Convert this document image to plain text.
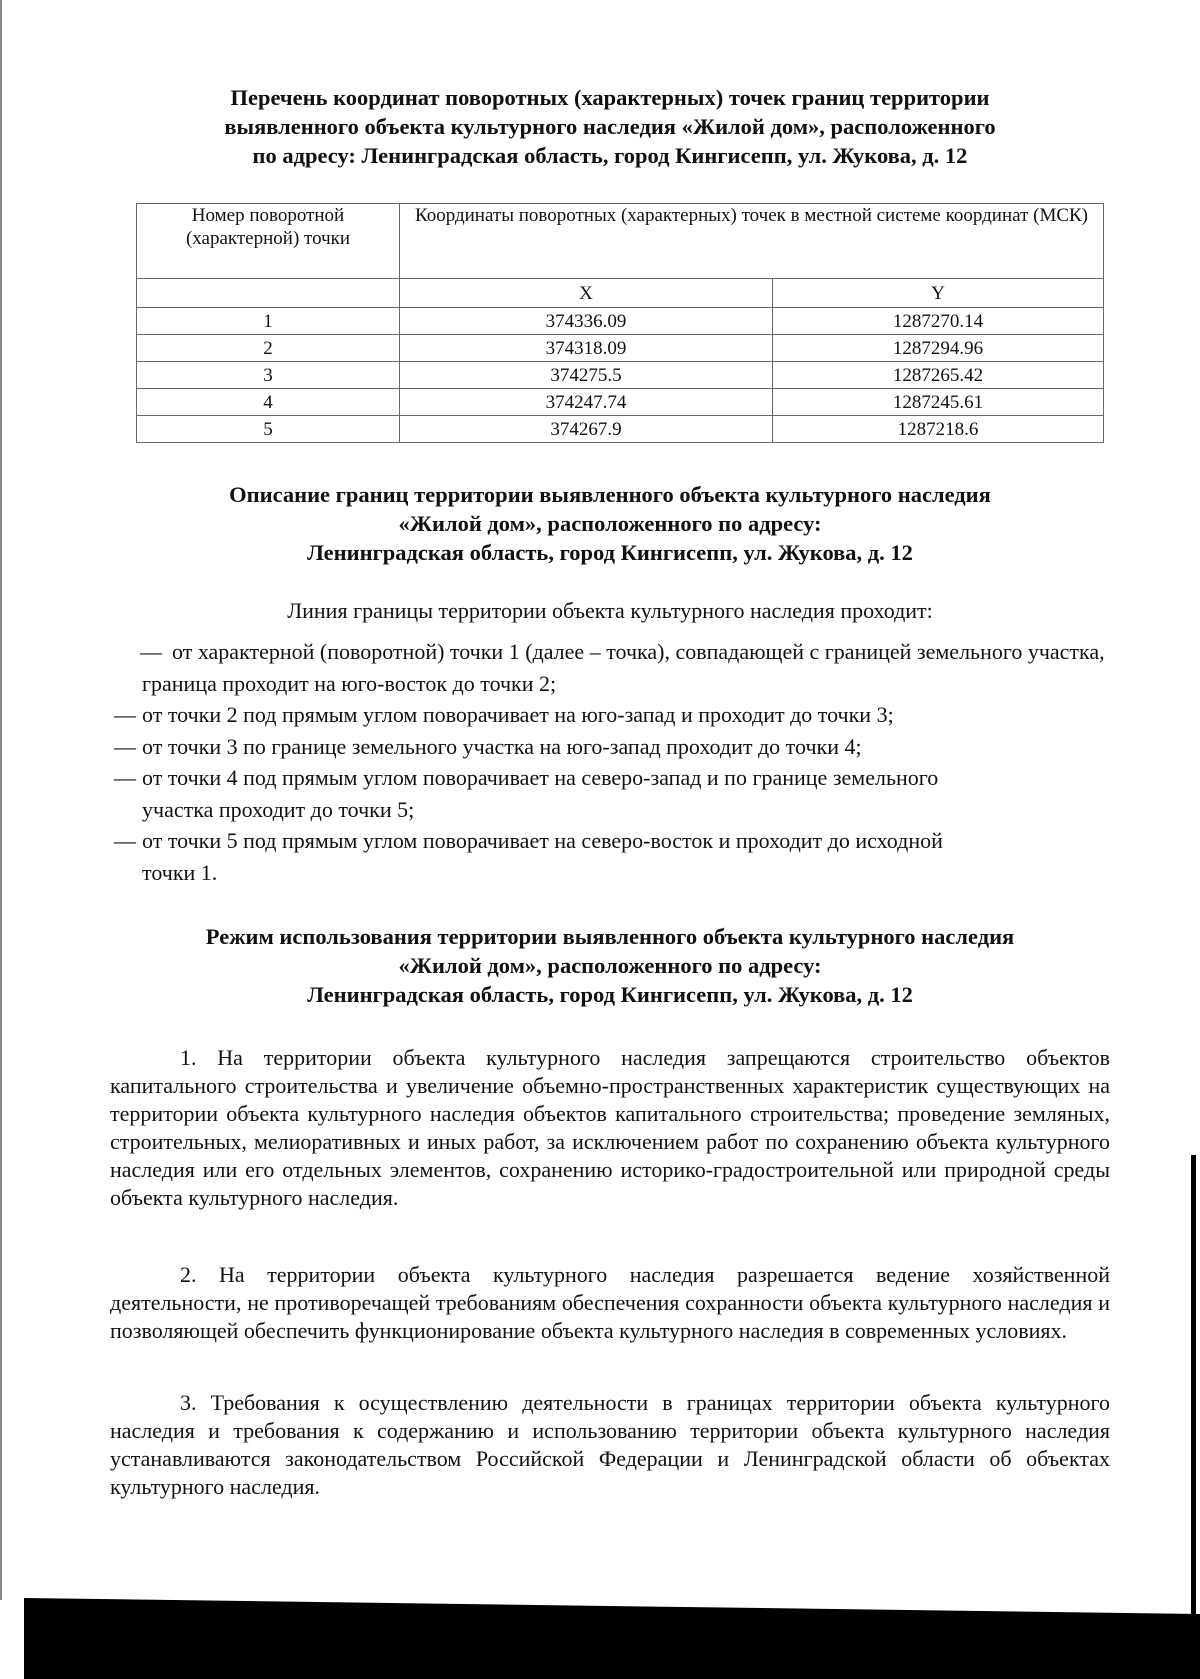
Перечень координат поворотных (характерных) точек границ территории
выявленного объекта культурного наследия «Жилой дом», расположенного
по адресу: Ленинградская область, город Кингисепп, ул. Жукова, д. 12
Номер поворотной (характерной) точки	Координаты поворотных (характерных) точек в местной системе координат (МСК)	
	X	Y
1	374336.09	1287270.14
2	374318.09	1287294.96
3	374275.5	1287265.42
4	374247.74	1287245.61
5	374267.9	1287218.6
Описание границ территории выявленного объекта культурного наследия
«Жилой дом», расположенного по адресу:
Ленинградская область, город Кингисепп, ул. Жукова, д. 12
Линия границы территории объекта культурного наследия проходит:
— от характерной (поворотной) точки 1 (далее – точка), совпадающей с границей земельного участка, граница проходит на юго-восток до точки 2;
— от точки 2 под прямым углом поворачивает на юго-запад и проходит до точки 3;
— от точки 3 по границе земельного участка на юго-запад проходит до точки 4;
— от точки 4 под прямым углом поворачивает на северо-запад и по границе земельного участка проходит до точки 5;
— от точки 5 под прямым углом поворачивает на северо-восток и проходит до исходной точки 1.
Режим использования территории выявленного объекта культурного наследия
«Жилой дом», расположенного по адресу:
Ленинградская область, город Кингисепп, ул. Жукова, д. 12
1. На территории объекта культурного наследия запрещаются строительство объектов капитального строительства и увеличение объемно-пространственных характеристик существующих на территории объекта культурного наследия объектов капитального строительства; проведение земляных, строительных, мелиоративных и иных работ, за исключением работ по сохранению объекта культурного наследия или его отдельных элементов, сохранению историко-градостроительной или природной среды объекта культурного наследия.
2. На территории объекта культурного наследия разрешается ведение хозяйственной деятельности, не противоречащей требованиям обеспечения сохранности объекта культурного наследия и позволяющей обеспечить функционирование объекта культурного наследия в современных условиях.
3. Требования к осуществлению деятельности в границах территории объекта культурного наследия и требования к содержанию и использованию территории объекта культурного наследия устанавливаются законодательством Российской Федерации и Ленинградской области об объектах культурного наследия.
